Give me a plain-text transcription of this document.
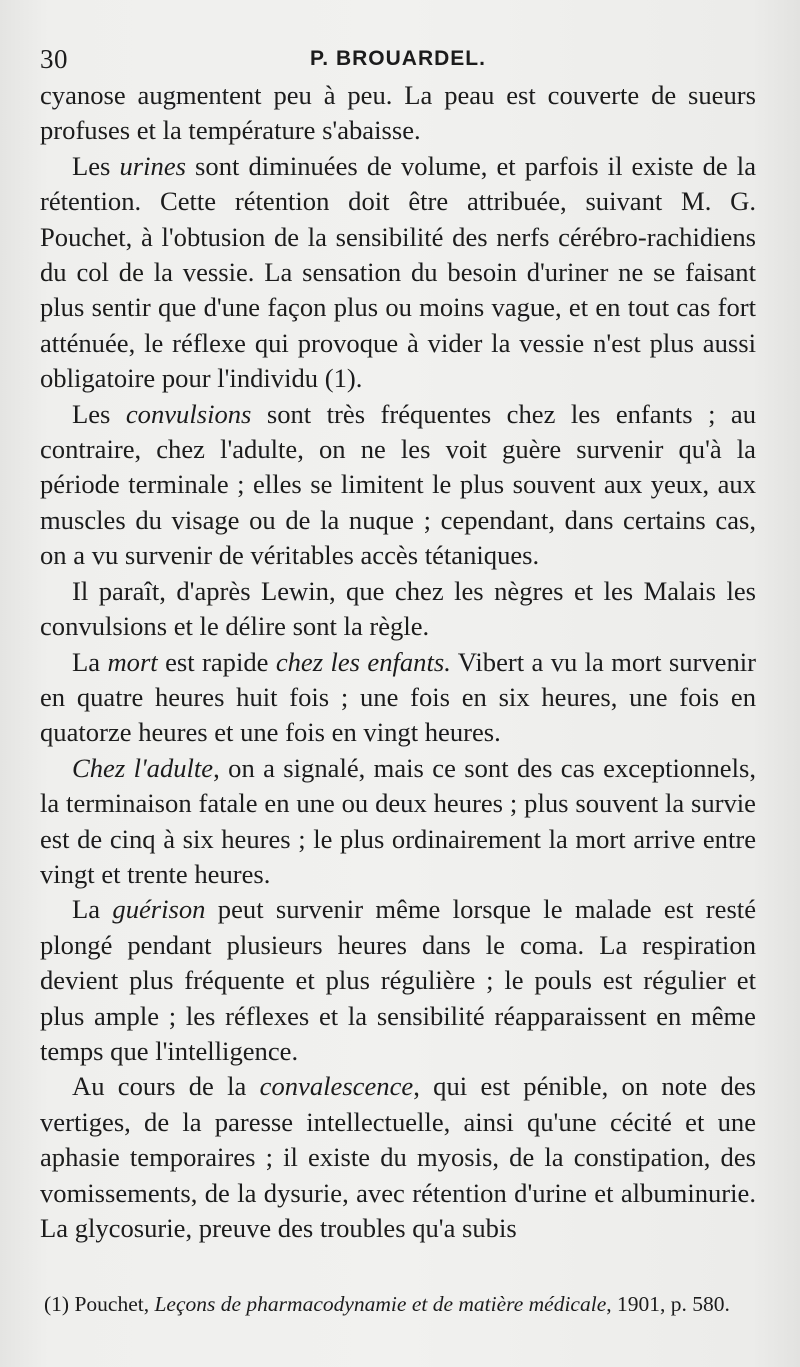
30	P. BROUARDEL.

cyanose augmentent peu à peu. La peau est couverte de sueurs profuses et la température s'abaisse.

Les urines sont diminuées de volume, et parfois il existe de la rétention. Cette rétention doit être attribuée, suivant M. G. Pouchet, à l'obtusion de la sensibilité des nerfs cérébro-rachidiens du col de la vessie. La sensation du besoin d'uriner ne se faisant plus sentir que d'une façon plus ou moins vague, et en tout cas fort atténuée, le réflexe qui provoque à vider la vessie n'est plus aussi obligatoire pour l'individu (1).

Les convulsions sont très fréquentes chez les enfants ; au contraire, chez l'adulte, on ne les voit guère survenir qu'à la période terminale ; elles se limitent le plus souvent aux yeux, aux muscles du visage ou de la nuque ; cependant, dans certains cas, on a vu survenir de véritables accès tétaniques.

Il paraît, d'après Lewin, que chez les nègres et les Malais les convulsions et le délire sont la règle.

La mort est rapide chez les enfants. Vibert a vu la mort survenir en quatre heures huit fois ; une fois en six heures, une fois en quatorze heures et une fois en vingt heures.

Chez l'adulte, on a signalé, mais ce sont des cas exceptionnels, la terminaison fatale en une ou deux heures ; plus souvent la survie est de cinq à six heures ; le plus ordinairement la mort arrive entre vingt et trente heures.

La guérison peut survenir même lorsque le malade est resté plongé pendant plusieurs heures dans le coma. La respiration devient plus fréquente et plus régulière ; le pouls est régulier et plus ample ; les réflexes et la sensibilité réapparaissent en même temps que l'intelligence.

Au cours de la convalescence, qui est pénible, on note des vertiges, de la paresse intellectuelle, ainsi qu'une cécité et une aphasie temporaires ; il existe du myosis, de la constipation, des vomissements, de la dysurie, avec rétention d'urine et albuminurie. La glycosurie, preuve des troubles qu'a subis

(1) Pouchet, Leçons de pharmacodynamie et de matière médicale, 1901, p. 580.
